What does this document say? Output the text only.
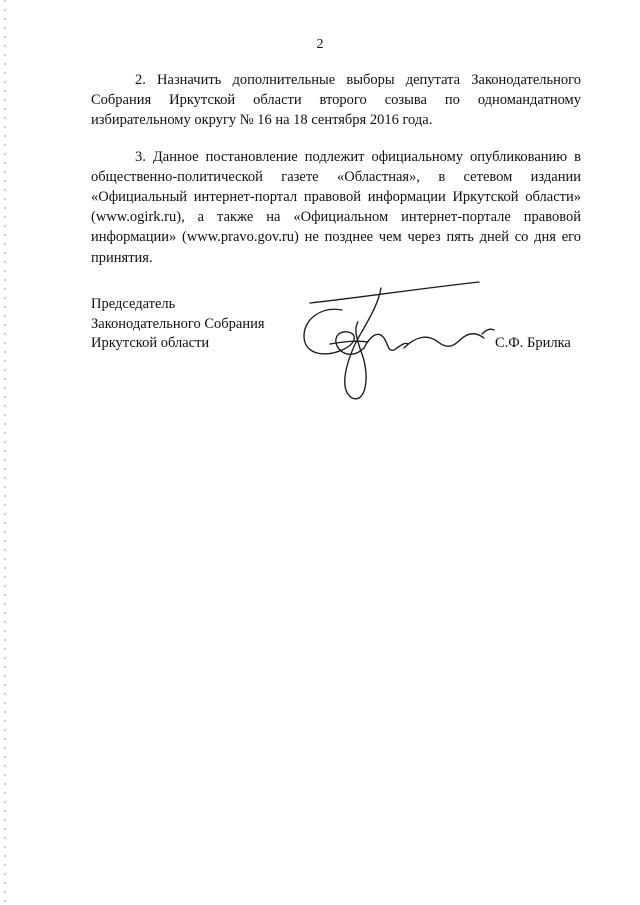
2

2. Назначить дополнительные выборы депутата Законодательного Собрания Иркутской области второго созыва по одномандатному избирательному округу № 16 на 18 сентября 2016 года.

3. Данное постановление подлежит официальному опубликованию в общественно-политической газете «Областная», в сетевом издании «Официальный интернет-портал правовой информации Иркутской области» (www.ogirk.ru), а также на «Официальном интернет-портале правовой информации» (www.pravo.gov.ru) не позднее чем через пять дней со дня его принятия.

Председатель
Законодательного Собрания
Иркутской области	С.Ф. Брилка
